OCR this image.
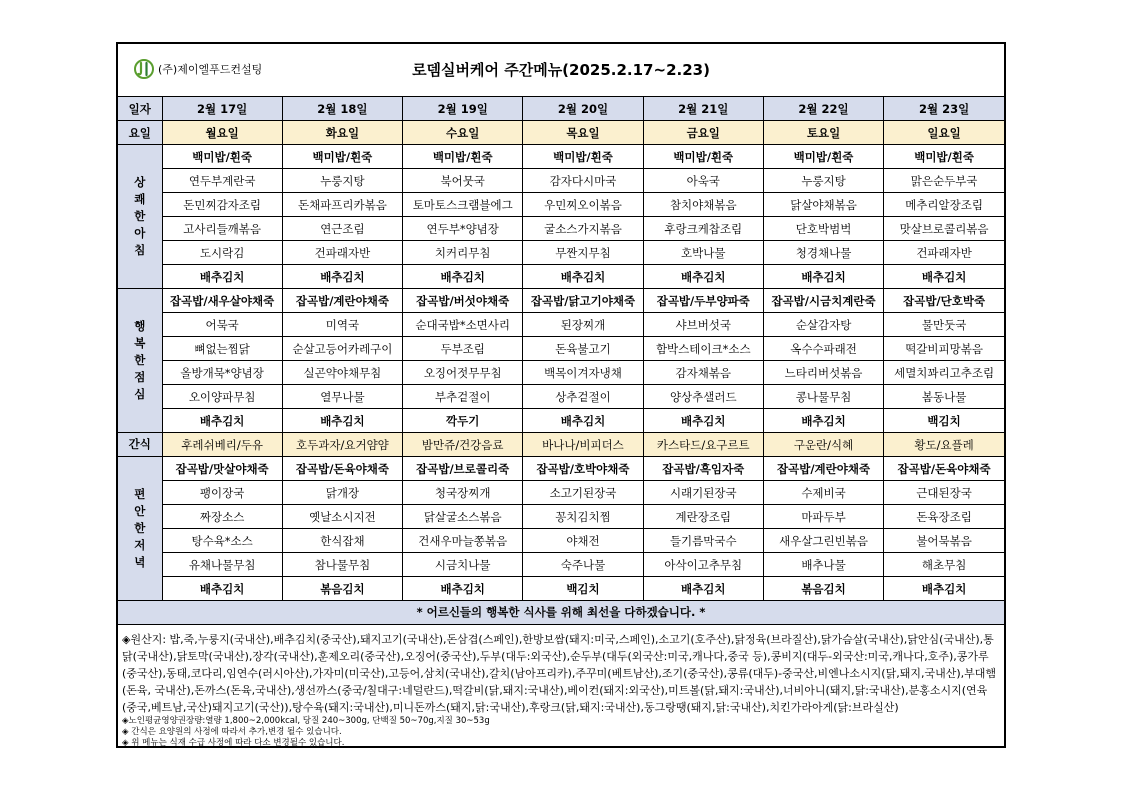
(주)제이엘푸드컨설팅	로뎀실버케어 주간메뉴(2025.2.17~2.23)
일자	2월 17일	2월 18일	2월 19일	2월 20일	2월 21일	2월 22일	2월 23일
요일	월요일	화요일	수요일	목요일	금요일	토요일	일요일

상
쾌
한
아
침	백미밥/흰죽	백미밥/흰죽	백미밥/흰죽	백미밥/흰죽	백미밥/흰죽	백미밥/흰죽	백미밥/흰죽
	연두부계란국	누룽지탕	북어뭇국	감자다시마국	아욱국	누룽지탕	맑은순두부국
	돈민찌감자조림	돈채파프리카볶음	토마토스크램블에그	우민찌오이볶음	참치야채볶음	닭살야채볶음	메추리알장조림
	고사리들깨볶음	연근조림	연두부*양념장	굴소스가지볶음	후랑크케찹조림	단호박범벅	맛살브로콜리볶음
	도시락김	건파래자반	치커리무침	무짠지무침	호박나물	청경채나물	건파래자반
	배추김치	배추김치	배추김치	배추김치	배추김치	배추김치	배추김치

행
복
한
점
심	잡곡밥/새우살야채죽	잡곡밥/계란야채죽	잡곡밥/버섯야채죽	잡곡밥/닭고기야채죽	잡곡밥/두부양파죽	잡곡밥/시금치계란죽	잡곡밥/단호박죽
	어묵국	미역국	순대국밥*소면사리	된장찌개	샤브버섯국	순살감자탕	물만둣국
	뼈없는찜닭	순살고등어카레구이	두부조림	돈육불고기	함박스테이크*소스	옥수수파래전	떡갈비피망볶음
	올방개묵*양념장	실곤약야채무침	오징어젓무무침	백목이겨자냉채	감자채볶음	느타리버섯볶음	세멸치꽈리고추조림
	오이양파무침	열무나물	부추겉절이	상추겉절이	양상추샐러드	콩나물무침	봄동나물
	배추김치	배추김치	깍두기	배추김치	배추김치	배추김치	백김치
간식	후레쉬베리/두유	호두과자/요거얌얌	밤만쥬/건강음료	바나나/비피더스	카스타드/요구르트	구운란/식혜	황도/요플레

편
안
한
저
녁	잡곡밥/맛살야채죽	잡곡밥/돈육야채죽	잡곡밥/브로콜리죽	잡곡밥/호박야채죽	잡곡밥/흑임자죽	잡곡밥/계란야채죽	잡곡밥/돈육야채죽
	팽이장국	닭개장	청국장찌개	소고기된장국	시래기된장국	수제비국	근대된장국
	짜장소스	옛날소시지전	닭살굴소스볶음	꽁치김치찜	계란장조림	마파두부	돈육장조림
	탕수육*소스	한식잡채	건새우마늘쫑볶음	야채전	들기름막국수	새우살그린빈볶음	불어묵볶음
	유채나물무침	참나물무침	시금치나물	숙주나물	아삭이고추무침	배추나물	해초무침
	배추김치	볶음김치	배추김치	백김치	배추김치	볶음김치	배추김치
* 어르신들의 행복한 식사를 위해 최선을 다하겠습니다. *
◈원산지: 밥,죽,누룽지(국내산),배추김치(중국산),돼지고기(국내산),돈삼겹(스페인),한방보쌈(돼지:미국,스페인),소고기(호주산),닭정육(브라질산),닭가슴살(국내산),닭안심(국내산),통닭(국내산),닭토막(국내산),장각(국내산),훈제오리(중국산),오징어(중국산),두부(대두:외국산),순두부(대두(외국산:미국,캐나다,중국 등),콩비지(대두-외국산:미국,캐나다,호주),콩가루(중국산),동태,코다리,임연수(러시아산),가자미(미국산),고등어,삼치(국내산),갈치(남아프리카),주꾸미(베트남산),조기(중국산),콩류(대두)-중국산,비엔나소시지(닭,돼지,국내산),부대햄(돈육, 국내산),돈까스(돈육,국내산),생선까스(중국/칠대구:네덜란드),떡갈비(닭,돼지:국내산),베이컨(돼지:외국산),미트볼(닭,돼지:국내산),너비아니(돼지,닭:국내산),분홍소시지(연육(중국,베트남,국산)돼지고기(국산)),탕수육(돼지:국내산),미니돈까스(돼지,닭:국내산),후랑크(닭,돼지:국내산),동그랑땡(돼지,닭:국내산),치킨가라아게(닭:브라실산)
◈노인평균영양권장량:열량 1,800~2,000kcal, 당질 240~300g, 단백질 50~70g,지질 30~53g
◈ 간식은 요양원의 사정에 따라서 추가,변경 될수 있습니다.
◈ 위 메뉴는 식재 수급 사정에 따라 다소 변경될수 있습니다.
